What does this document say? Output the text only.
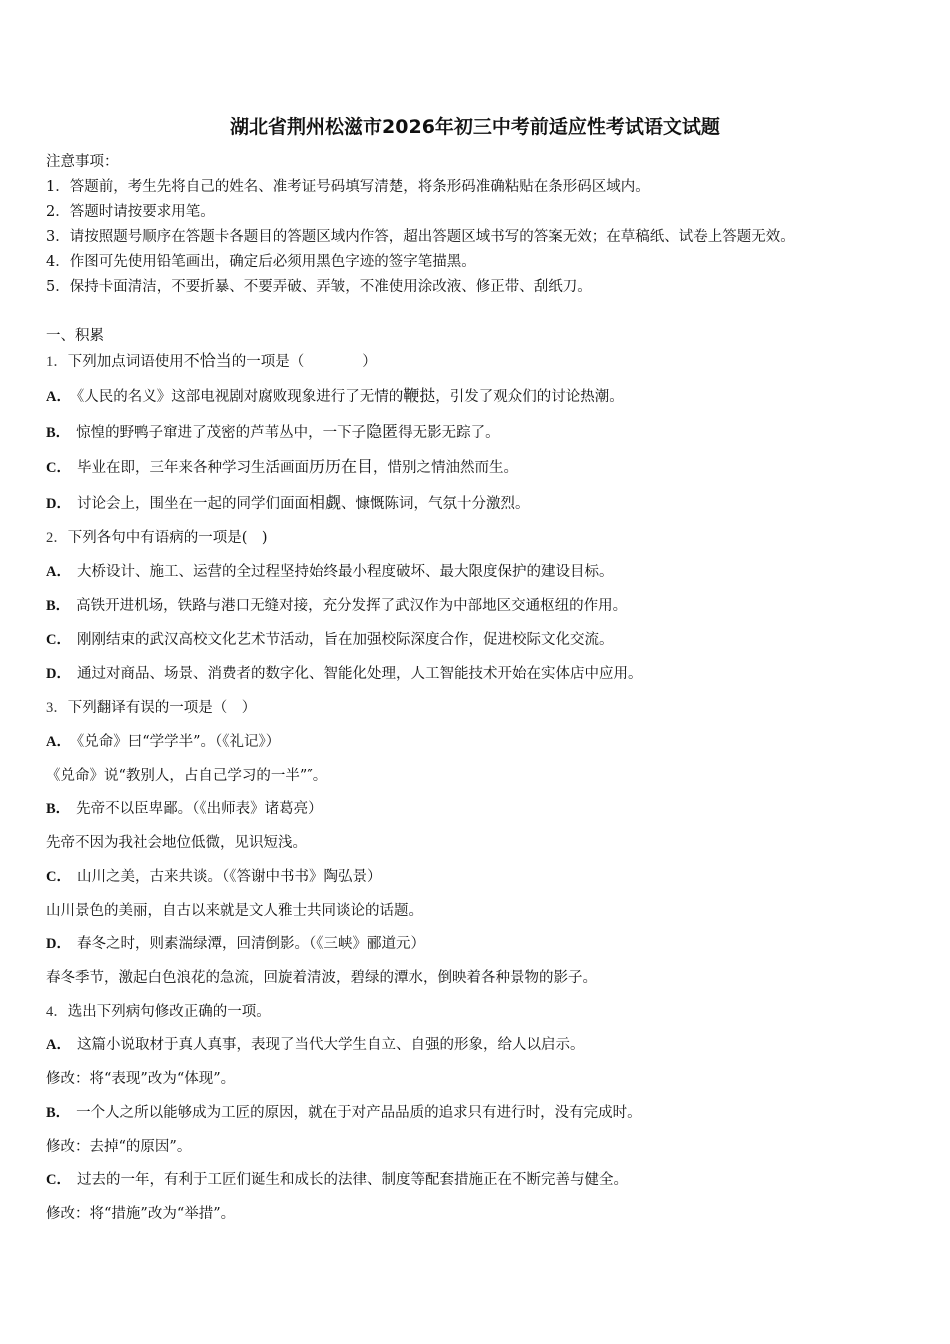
湖北省荆州松滋市2026年初三中考前适应性考试语文试题
注意事项：
1．答题前，考生先将自己的姓名、准考证号码填写清楚，将条形码准确粘贴在条形码区域内。
2．答题时请按要求用笔。
3．请按照题号顺序在答题卡各题目的答题区域内作答，超出答题区域书写的答案无效；在草稿纸、试卷上答题无效。
4．作图可先使用铅笔画出，确定后必须用黑色字迹的签字笔描黑。
5．保持卡面清洁，不要折暴、不要弄破、弄皱，不准使用涂改液、修正带、刮纸刀。
一、积累
1．下列加点词语使用不恰当的一项是（　　　　）
A． 《人民的名义》这部电视剧对腐败现象进行了无情的鞭挞，引发了观众们的讨论热潮。
B． 惊惶的野鸭子窜进了茂密的芦苇丛中，一下子隐匿得无影无踪了。
C． 毕业在即，三年来各种学习生活画面历历在目，惜别之情油然而生。
D． 讨论会上，围坐在一起的同学们面面相觑、慷慨陈词，气氛十分激烈。
2．下列各句中有语病的一项是(　)
A． 大桥设计、施工、运营的全过程坚持始终最小程度破坏、最大限度保护的建设目标。
B． 高铁开进机场，铁路与港口无缝对接，充分发挥了武汉作为中部地区交通枢纽的作用。
C． 刚刚结束的武汉高校文化艺术节活动，旨在加强校际深度合作，促进校际文化交流。
D． 通过对商品、场景、消费者的数字化、智能化处理，人工智能技术开始在实体店中应用。
3．下列翻译有误的一项是（　）
A． 《兑命》曰“学学半”。（《礼记》）
《兑命》说“教别人，占自己学习的一半”″。
B． 先帝不以臣卑鄙。（《出师表》诸葛亮）
先帝不因为我社会地位低微，见识短浅。
C． 山川之美，古来共谈。（《答谢中书书》陶弘景）
山川景色的美丽，自古以来就是文人雅士共同谈论的话题。
D． 春冬之时，则素湍绿潭，回清倒影。（《三峡》郦道元）
春冬季节，激起白色浪花的急流，回旋着清波，碧绿的潭水，倒映着各种景物的影子。
4．选出下列病句修改正确的一项。
A． 这篇小说取材于真人真事，表现了当代大学生自立、自强的形象，给人以启示。
修改：将“表现”改为“体现”。
B． 一个人之所以能够成为工匠的原因，就在于对产品品质的追求只有进行时，没有完成时。
修改：去掉“的原因”。
C． 过去的一年，有利于工匠们诞生和成长的法律、制度等配套措施正在不断完善与健全。
修改：将“措施”改为“举措”。
